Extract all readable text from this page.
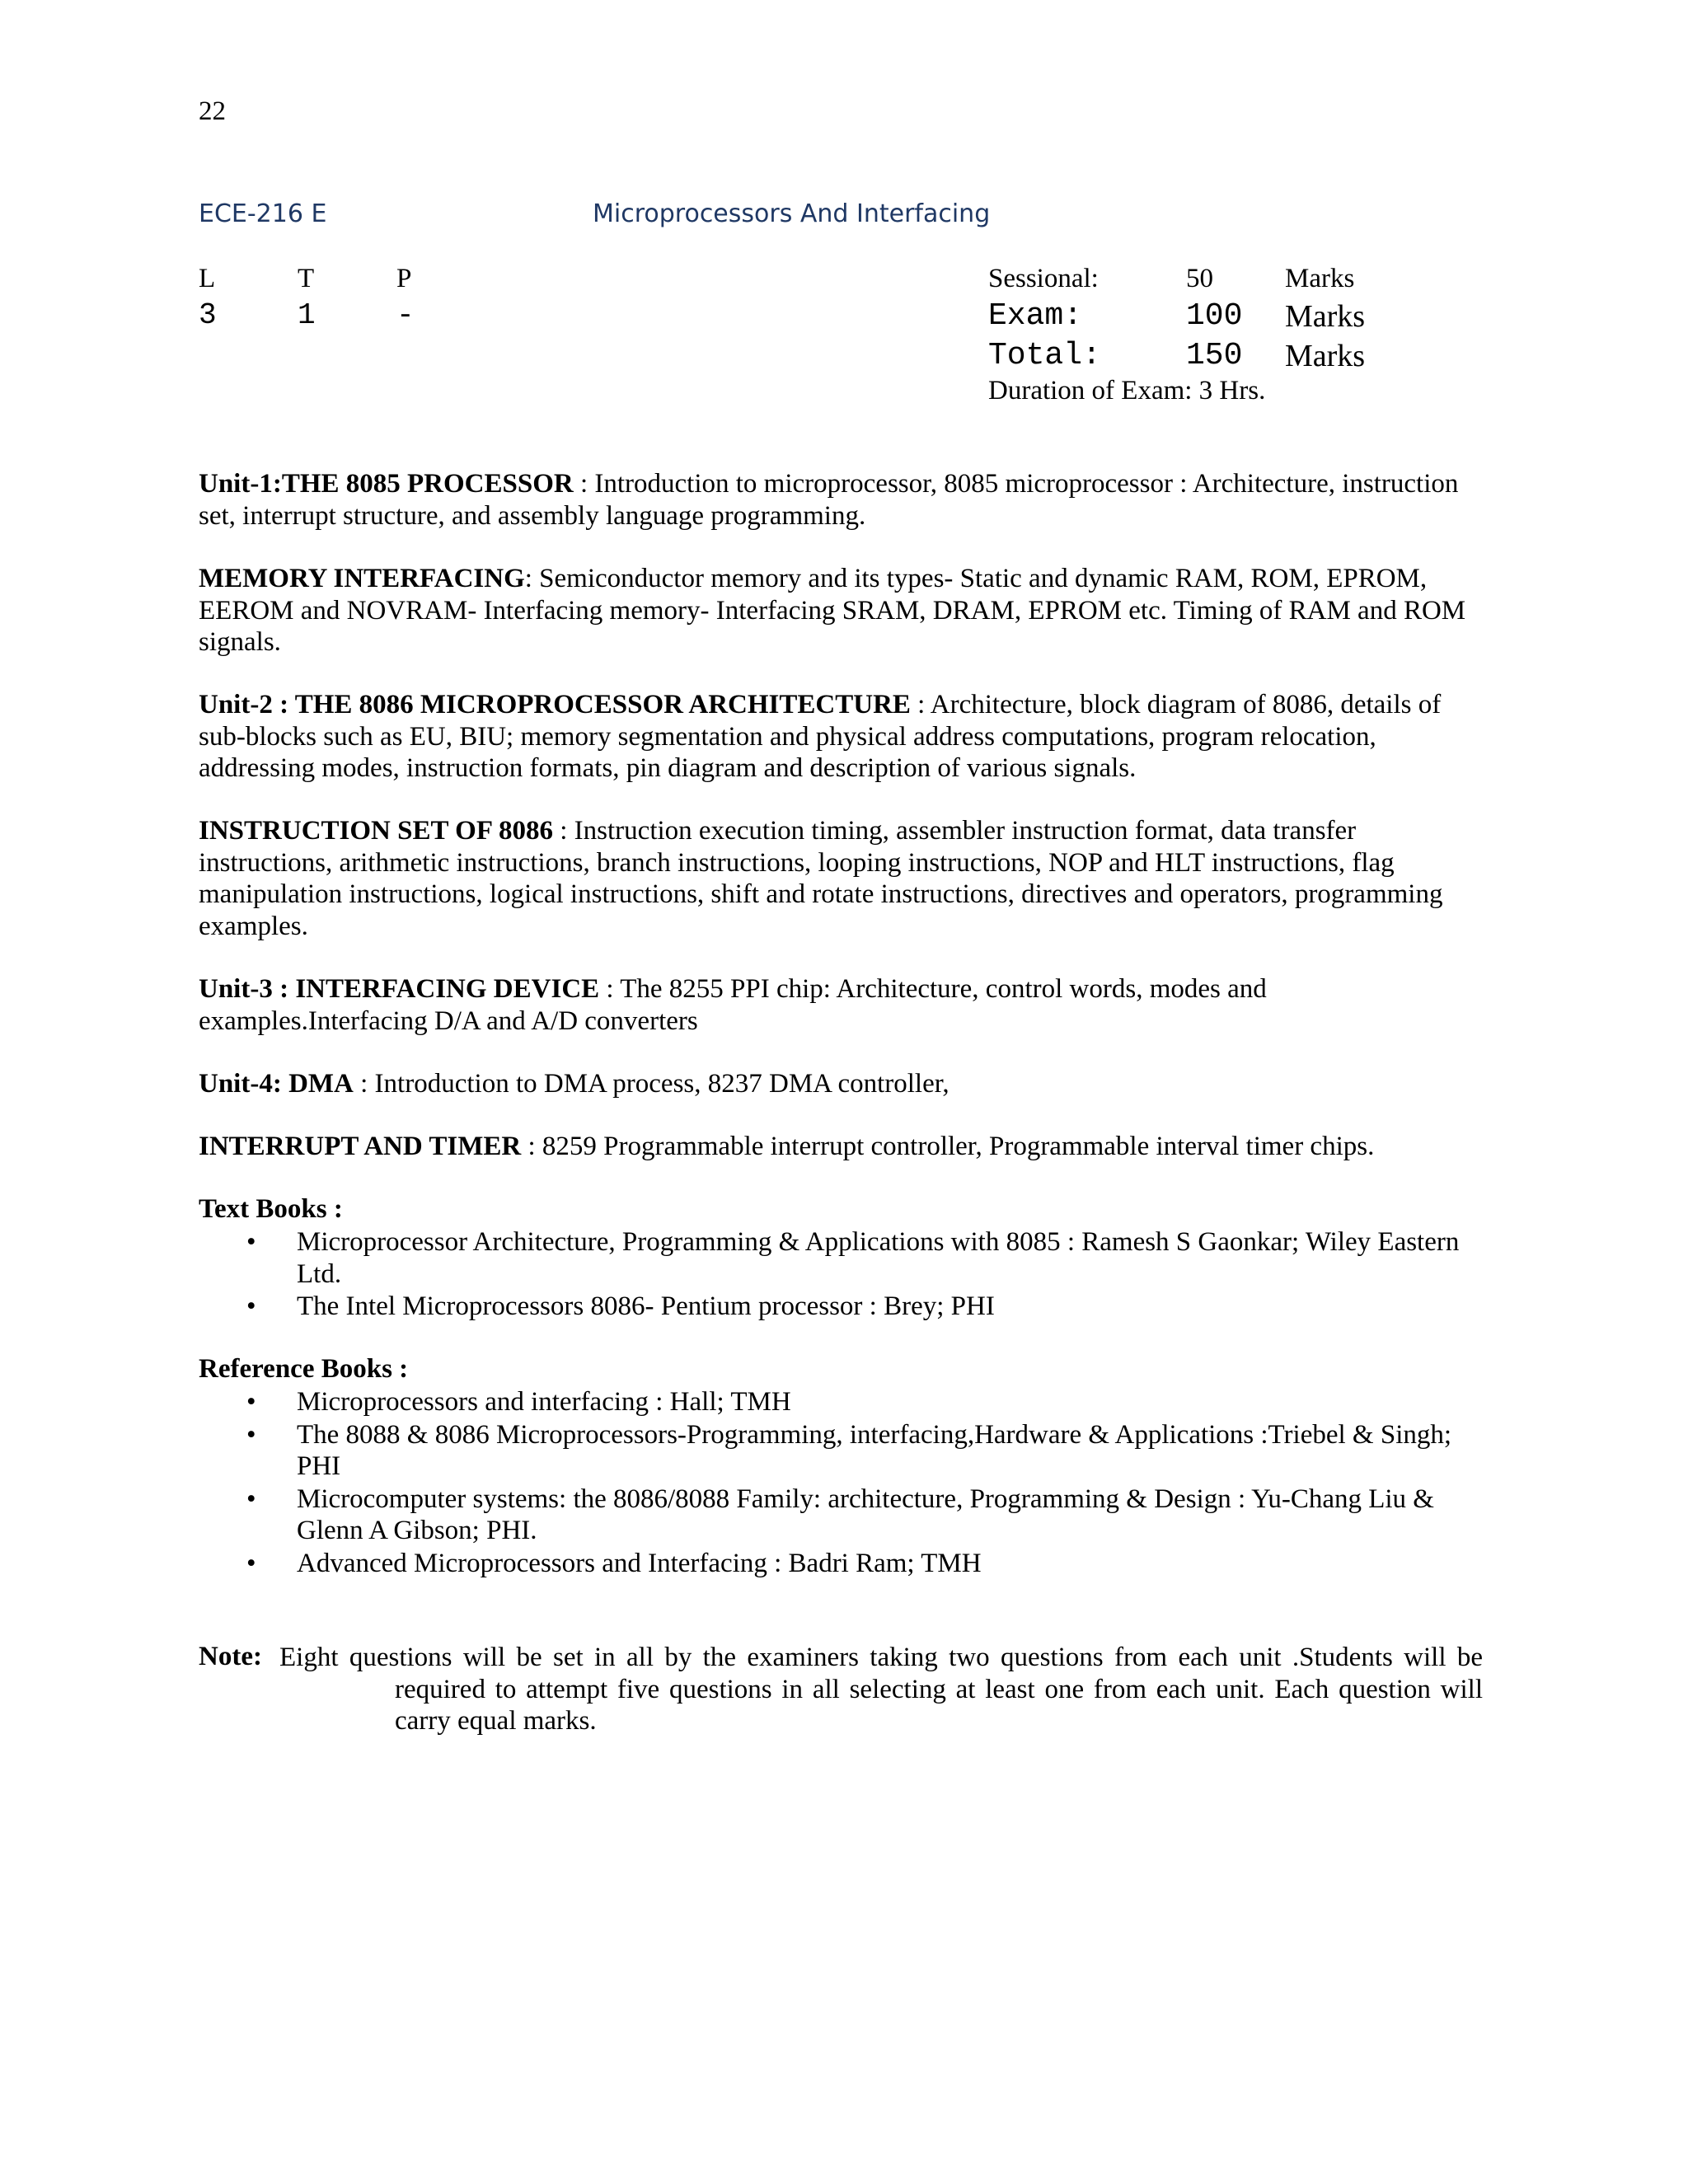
22
ECE-216 E	Microprocessors And Interfacing
L	T	P
3	1	-
Sessional:	50	Marks
Exam:	100 Marks
Total:	150 Marks
Duration of Exam: 3 Hrs.
Unit-1:THE 8085 PROCESSOR : Introduction to microprocessor, 8085 microprocessor : Architecture, instruction set, interrupt structure, and assembly language programming.
MEMORY INTERFACING: Semiconductor memory and its types- Static and dynamic RAM, ROM, EPROM, EEROM and NOVRAM- Interfacing memory- Interfacing SRAM, DRAM, EPROM etc. Timing of RAM and ROM signals.
Unit-2 : THE 8086 MICROPROCESSOR ARCHITECTURE : Architecture, block diagram of 8086, details of sub-blocks such as EU, BIU; memory segmentation and physical address computations, program relocation, addressing modes, instruction formats, pin diagram and description of various signals.
INSTRUCTION SET OF 8086 : Instruction execution timing, assembler instruction format, data transfer instructions, arithmetic instructions, branch instructions, looping instructions, NOP and HLT instructions, flag manipulation instructions, logical instructions, shift and rotate instructions, directives and operators, programming examples.
Unit-3 : INTERFACING DEVICE : The 8255 PPI chip: Architecture, control words, modes and examples.Interfacing D/A and A/D converters
Unit-4: DMA : Introduction to DMA process, 8237 DMA controller,
INTERRUPT AND TIMER : 8259 Programmable interrupt controller, Programmable interval timer chips.
Text Books :
• Microprocessor Architecture, Programming & Applications with 8085 : Ramesh S Gaonkar; Wiley Eastern Ltd.
• The Intel Microprocessors 8086- Pentium processor : Brey; PHI
Reference Books :
• Microprocessors and interfacing : Hall; TMH
• The 8088 & 8086 Microprocessors-Programming, interfacing,Hardware & Applications :Triebel & Singh; PHI
• Microcomputer systems: the 8086/8088 Family: architecture, Programming & Design : Yu-Chang Liu & Glenn A Gibson; PHI.
• Advanced Microprocessors and Interfacing : Badri Ram; TMH
Note: Eight questions will be set in all by the examiners taking two questions from each unit .Students will be
required to attempt five questions in all selecting at least one from each unit. Each question will carry equal marks.
